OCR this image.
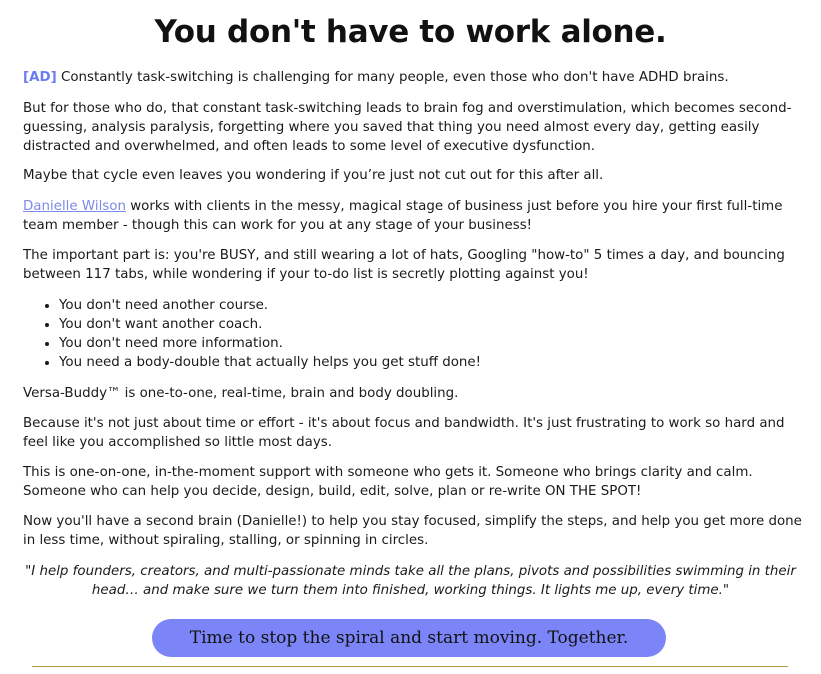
You don't have to work alone.

[AD] Constantly task-switching is challenging for many people, even those who don't have ADHD brains.

But for those who do, that constant task-switching leads to brain fog and overstimulation, which becomes second-guessing, analysis paralysis, forgetting where you saved that thing you need almost every day, getting easily distracted and overwhelmed, and often leads to some level of executive dysfunction.

Maybe that cycle even leaves you wondering if you’re just not cut out for this after all.

Danielle Wilson works with clients in the messy, magical stage of business just before you hire your first full-time team member - though this can work for you at any stage of your business!

The important part is: you're BUSY, and still wearing a lot of hats, Googling "how-to" 5 times a day, and bouncing between 117 tabs, while wondering if your to-do list is secretly plotting against you!

• You don't need another course.
• You don't want another coach.
• You don't need more information.
• You need a body-double that actually helps you get stuff done!

Versa-Buddy™ is one-to-one, real-time, brain and body doubling.

Because it's not just about time or effort - it's about focus and bandwidth. It's just frustrating to work so hard and feel like you accomplished so little most days.

This is one-on-one, in-the-moment support with someone who gets it. Someone who brings clarity and calm. Someone who can help you decide, design, build, edit, solve, plan or re-write ON THE SPOT!

Now you'll have a second brain (Danielle!) to help you stay focused, simplify the steps, and help you get more done in less time, without spiraling, stalling, or spinning in circles.

"I help founders, creators, and multi-passionate minds take all the plans, pivots and possibilities swimming in their head… and make sure we turn them into finished, working things. It lights me up, every time."

Time to stop the spiral and start moving. Together.
